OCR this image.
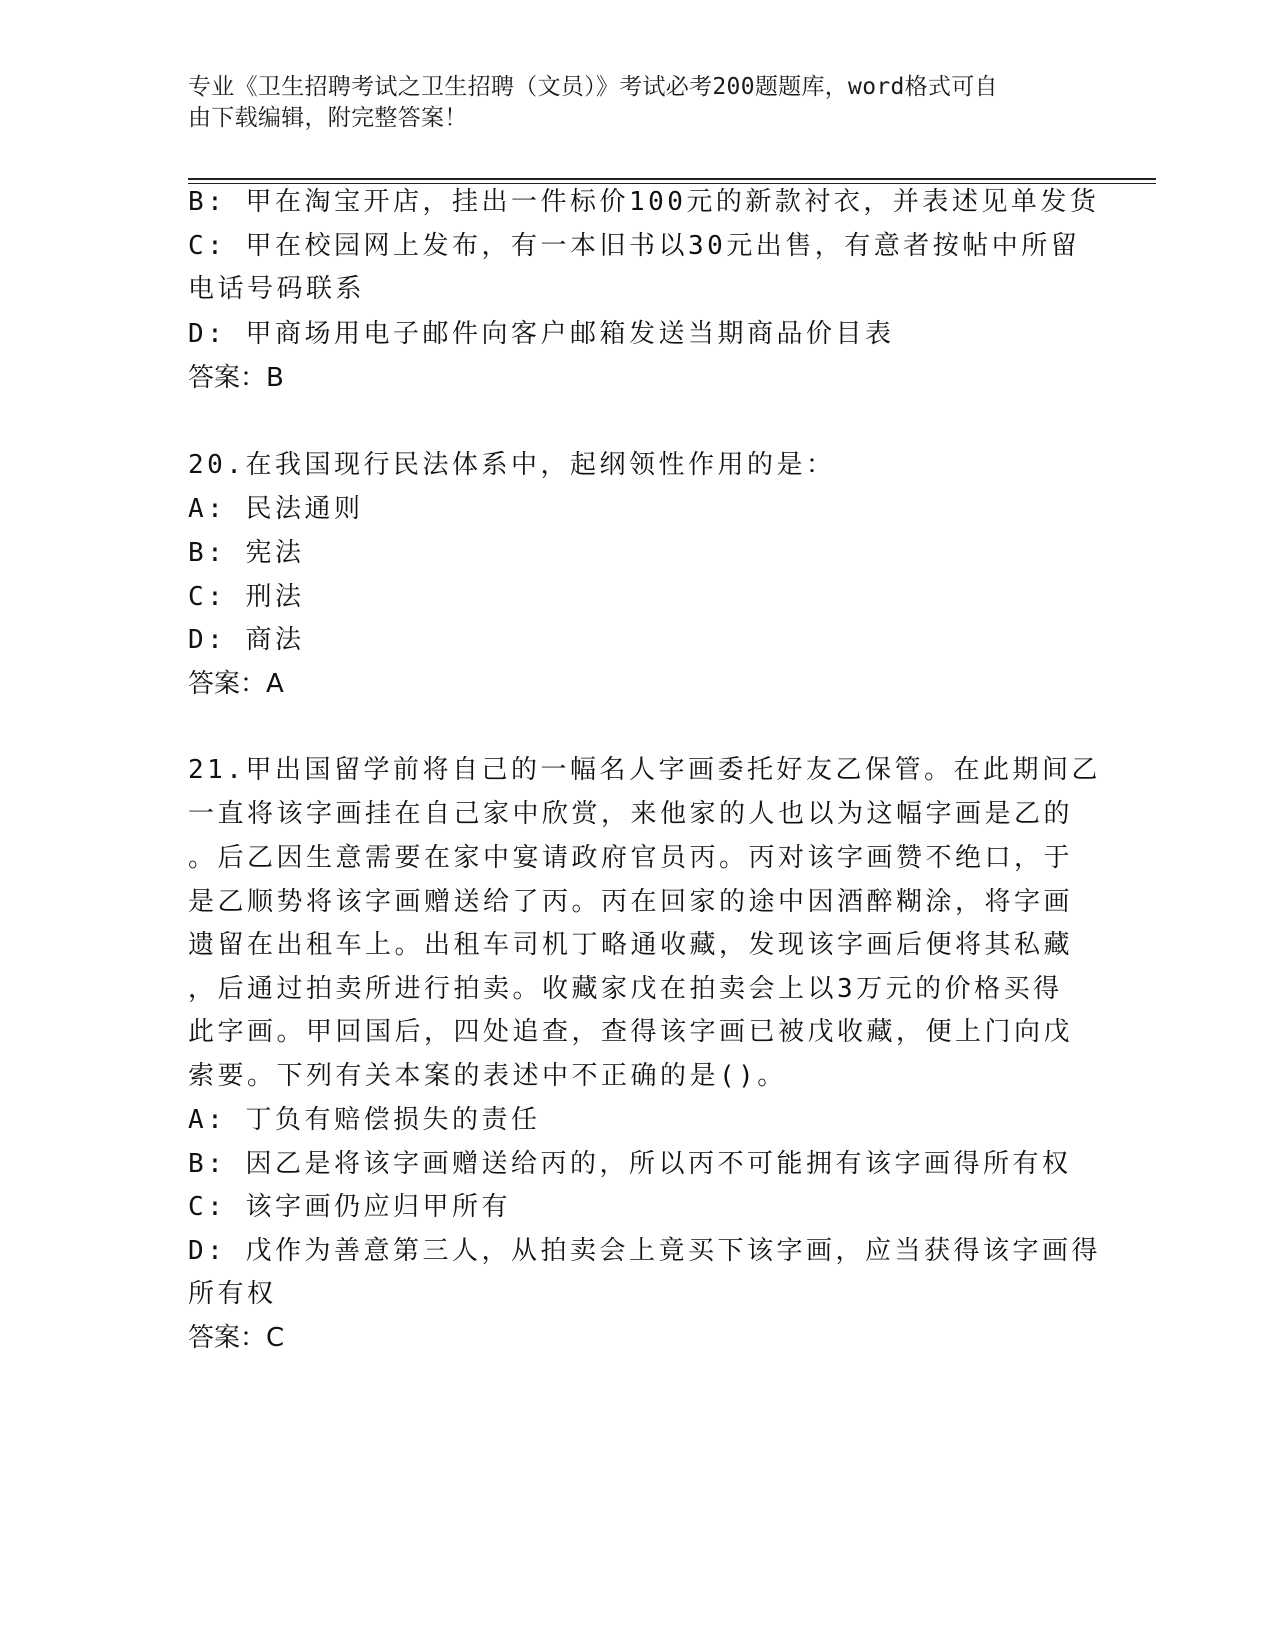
专业《卫生招聘考试之卫生招聘（文员）》考试必考200题题库，word格式可自
由下载编辑，附完整答案！
B: 甲在淘宝开店，挂出一件标价100元的新款衬衣，并表述见单发货
C: 甲在校园网上发布，有一本旧书以30元出售，有意者按帖中所留
电话号码联系
D: 甲商场用电子邮件向客户邮箱发送当期商品价目表
答案：B
20.在我国现行民法体系中，起纲领性作用的是：
A: 民法通则
B: 宪法
C: 刑法
D: 商法
答案：A
21.甲出国留学前将自己的一幅名人字画委托好友乙保管。在此期间乙
一直将该字画挂在自己家中欣赏，来他家的人也以为这幅字画是乙的
。后乙因生意需要在家中宴请政府官员丙。丙对该字画赞不绝口，于
是乙顺势将该字画赠送给了丙。丙在回家的途中因酒醉糊涂，将字画
遗留在出租车上。出租车司机丁略通收藏，发现该字画后便将其私藏
，后通过拍卖所进行拍卖。收藏家戊在拍卖会上以3万元的价格买得
此字画。甲回国后，四处追查，查得该字画已被戊收藏，便上门向戊
索要。下列有关本案的表述中不正确的是()。
A: 丁负有赔偿损失的责任
B: 因乙是将该字画赠送给丙的，所以丙不可能拥有该字画得所有权
C: 该字画仍应归甲所有
D: 戊作为善意第三人，从拍卖会上竟买下该字画，应当获得该字画得
所有权
答案：C
